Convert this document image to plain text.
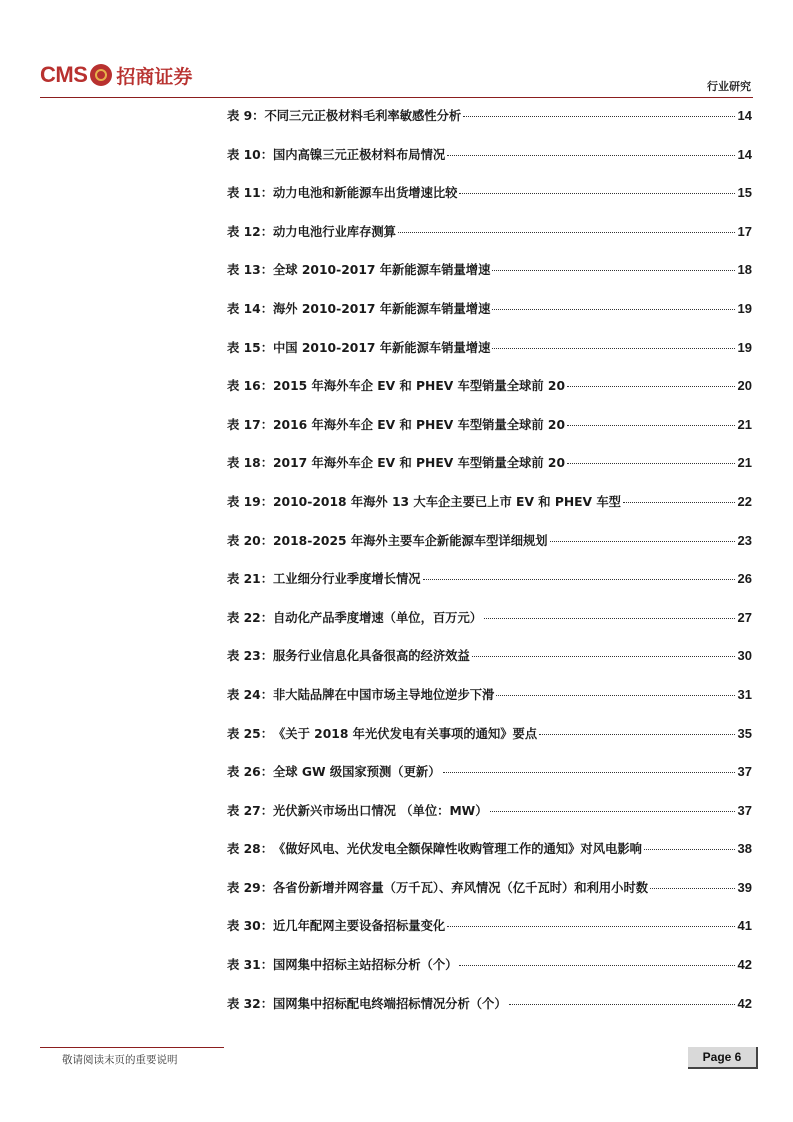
CMS 招商证券	行业研究
表 9： 不同三元正极材料毛利率敏感性分析	14
表 10： 国内高镍三元正极材料布局情况	14
表 11： 动力电池和新能源车出货增速比较	15
表 12： 动力电池行业库存测算	17
表 13： 全球 2010-2017 年新能源车销量增速	18
表 14： 海外 2010-2017 年新能源车销量增速	19
表 15： 中国 2010-2017 年新能源车销量增速	19
表 16： 2015 年海外车企 EV 和 PHEV 车型销量全球前 20	20
表 17： 2016 年海外车企 EV 和 PHEV 车型销量全球前 20	21
表 18： 2017 年海外车企 EV 和 PHEV 车型销量全球前 20	21
表 19： 2010-2018 年海外 13 大车企主要已上市 EV 和 PHEV 车型	22
表 20： 2018-2025 年海外主要车企新能源车型详细规划	23
表 21： 工业细分行业季度增长情况	26
表 22： 自动化产品季度增速（单位，百万元）	27
表 23： 服务行业信息化具备很高的经济效益	30
表 24： 非大陆品牌在中国市场主导地位逆步下滑	31
表 25： 《关于 2018 年光伏发电有关事项的通知》要点	35
表 26： 全球 GW 级国家预测（更新）	37
表 27： 光伏新兴市场出口情况 （单位：MW）	37
表 28： 《做好风电、光伏发电全额保障性收购管理工作的通知》对风电影响	38
表 29： 各省份新增并网容量（万千瓦）、弃风情况（亿千瓦时）和利用小时数	39
表 30： 近几年配网主要设备招标量变化	41
表 31： 国网集中招标主站招标分析（个）	42
表 32： 国网集中招标配电终端招标情况分析（个）	42
敬请阅读末页的重要说明	Page 6
